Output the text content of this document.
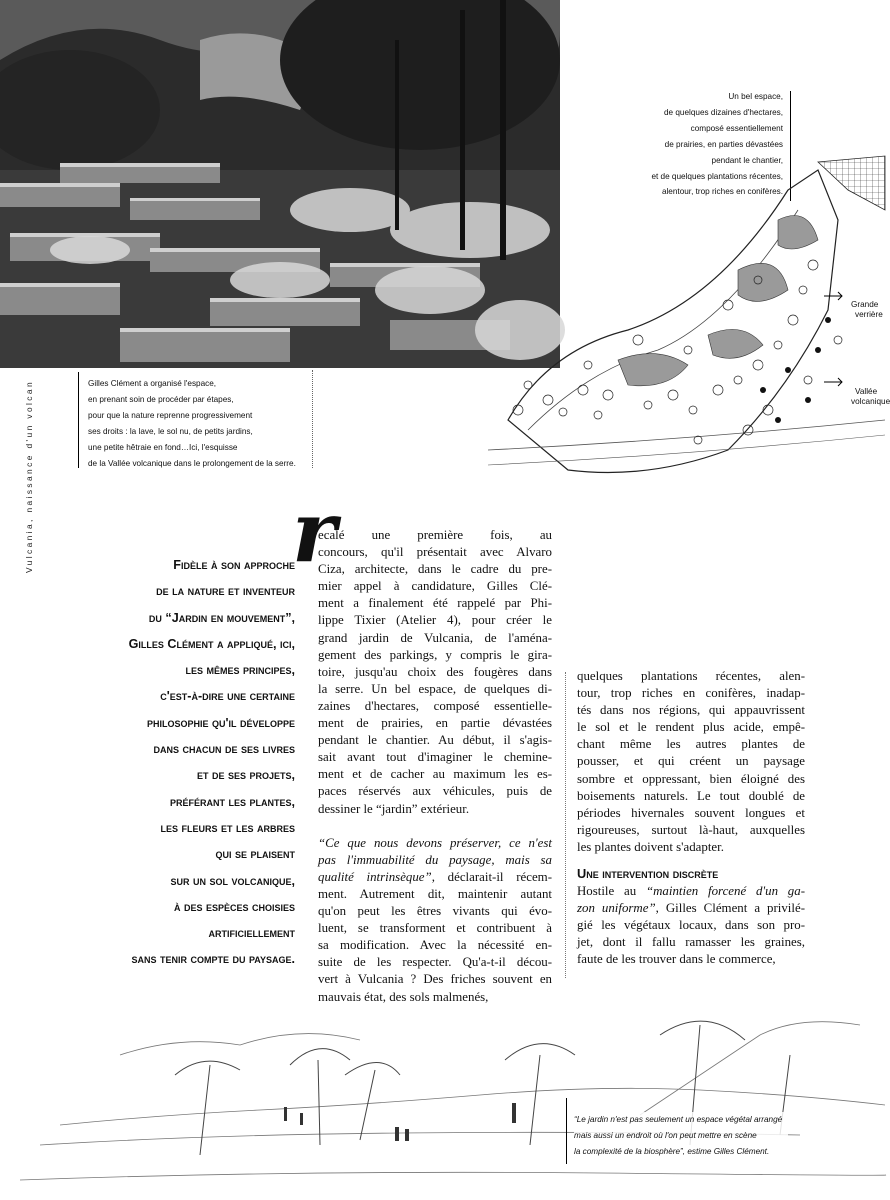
Un bel espace,
de quelques dizaines d'hectares,
composé essentiellement
de prairies, en parties dévastées
pendant le chantier,
et de quelques plantations récentes,
alentour, trop riches en conifères.
Grande
verrière
Vallée
volcanique
Gilles Clément a organisé l'espace,
en prenant soin de procéder par étapes,
pour que la nature reprenne progressivement
ses droits : la lave, le sol nu, de petits jardins,
une petite hêtraie en fond…Ici, l'esquisse
de la Vallée volcanique dans le prolongement de la serre.
Vulcania, naissance d'un volcan	Fidèle à son approche
de la nature et inventeur
du “Jardin en mouvement”,
Gilles Clément a appliqué, ici,
les mêmes principes,
c'est-à-dire une certaine
philosophie qu'il développe
dans chacun de ses livres
et de ses projets,
préférant les plantes,
les fleurs et les arbres
qui se plaisent
sur un sol volcanique,
à des espèces choisies
artificiellement
sans tenir compte du paysage.
r
ecalé une première fois, au
concours, qu'il présentait avec Alvaro
Ciza, architecte, dans le cadre du pre-
mier appel à candidature, Gilles Clé-
ment a finalement été rappelé par Phi-
lippe Tixier (Atelier 4), pour créer le
grand jardin de Vulcania, de l'aména-
gement des parkings, y compris le gira-
toire, jusqu'au choix des fougères dans
la serre. Un bel espace, de quelques di-
zaines d'hectares, composé essentielle-
ment de prairies, en partie dévastées
pendant le chantier. Au début, il s'agis-
sait avant tout d'imaginer le chemine-
ment et de cacher au maximum les es-
paces réservés aux véhicules, puis de
dessiner le “jardin” extérieur.

“Ce que nous devons préserver, ce n'est
pas l'immuabilité du paysage, mais sa
qualité intrinsèque”, déclarait-il récem-
ment. Autrement dit, maintenir autant
qu'on peut les êtres vivants qui évo-
luent, se transforment et contribuent à
sa modification. Avec la nécessité en-
suite de les respecter. Qu'a-t-il décou-
vert à Vulcania ? Des friches souvent en
mauvais état, des sols malmenés,
quelques plantations récentes, alen-
tour, trop riches en conifères, inadap-
tés dans nos régions, qui appauvrissent
le sol et le rendent plus acide, empê-
chant même les autres plantes de
pousser, et qui créent un paysage
sombre et oppressant, bien éloigné des
boisements naturels. Le tout doublé de
périodes hivernales souvent longues et
rigoureuses, surtout là-haut, auxquelles
les plantes doivent s'adapter.
Une intervention discrète
Hostile au “maintien forcené d'un ga-
zon uniforme”, Gilles Clément a privilé-
gié les végétaux locaux, dans son pro-
jet, dont il fallu ramasser les graines,
faute de les trouver dans le commerce,
“Le jardin n'est pas seulement un espace végétal arrangé
mais aussi un endroit où l'on peut mettre en scène
la complexité de la biosphère”, estime Gilles Clément.
